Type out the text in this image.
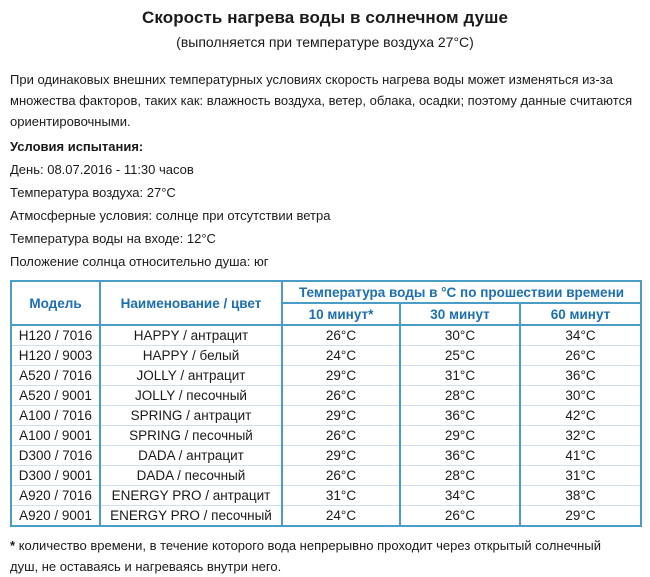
Скорость нагрева воды в солнечном душе
(выполняется при температуре воздуха 27°С)
При одинаковых внешних температурных условиях скорость нагрева воды может изменяться из-за множества факторов, таких как: влажность воздуха, ветер, облака, осадки; поэтому данные считаются ориентировочными.
Условия испытания:
День: 08.07.2016 - 11:30 часов
Температура воздуха: 27°С
Атмосферные условия: солнце при отсутствии ветра
Температура воды на входе: 12°С
Положение солнца относительно душа: юг
Модель	Наименование / цвет	Температура воды в °С по прошествии времени		
		10 минут*	30 минут	60 минут
H120 / 7016	HAPPY / антрацит	26°С	30°С	34°С
H120 / 9003	HAPPY / белый	24°С	25°С	26°С
A520 / 7016	JOLLY / антрацит	29°С	31°С	36°С
A520 / 9001	JOLLY / песочный	26°С	28°С	30°С
A100 / 7016	SPRING / антрацит	29°С	36°С	42°С
A100 / 9001	SPRING / песочный	26°С	29°С	32°С
D300 / 7016	DADA / антрацит	29°С	36°С	41°С
D300 / 9001	DADA / песочный	26°С	28°С	31°С
A920 / 7016	ENERGY PRO / антрацит	31°С	34°С	38°С
A920 / 9001	ENERGY PRO / песочный	24°С	26°С	29°С
* количество времени, в течение которого вода непрерывно проходит через открытый солнечный душ, не оставаясь и нагреваясь внутри него.
